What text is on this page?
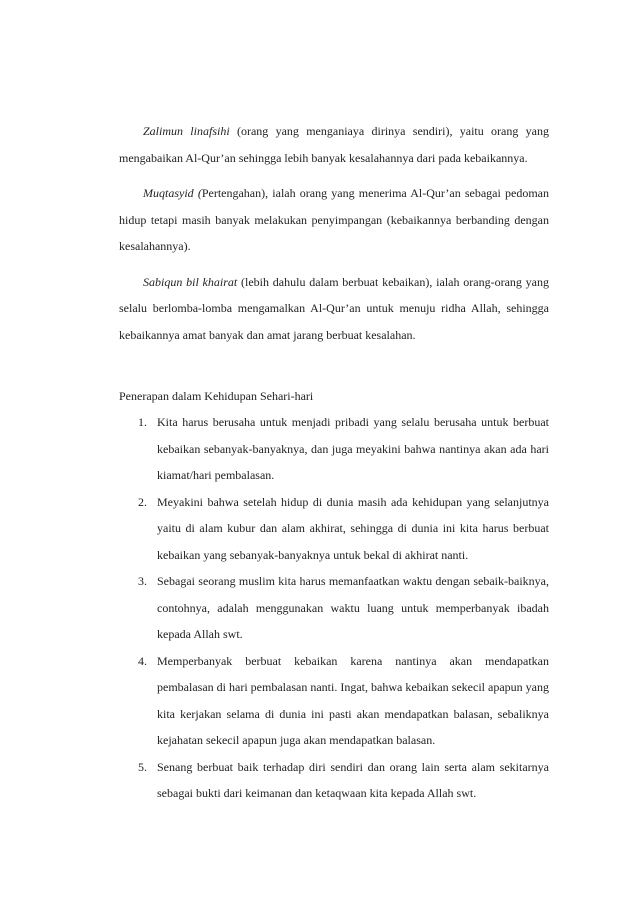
Zalimun linafsihi (orang yang menganiaya dirinya sendiri), yaitu orang yang mengabaikan Al-Qur’an sehingga lebih banyak kesalahannya dari pada kebaikannya.

Muqtasyid (Pertengahan), ialah orang yang menerima Al-Qur’an sebagai pedoman hidup tetapi masih banyak melakukan penyimpangan (kebaikannya berbanding dengan kesalahannya).

Sabiqun bil khairat (lebih dahulu dalam berbuat kebaikan), ialah orang-orang yang selalu berlomba-lomba mengamalkan Al-Qur’an untuk menuju ridha Allah, sehingga kebaikannya amat banyak dan amat jarang berbuat kesalahan.

Penerapan dalam Kehidupan Sehari-hari
1. Kita harus berusaha untuk menjadi pribadi yang selalu berusaha untuk berbuat kebaikan sebanyak-banyaknya, dan juga meyakini bahwa nantinya akan ada hari kiamat/hari pembalasan.
2. Meyakini bahwa setelah hidup di dunia masih ada kehidupan yang selanjutnya yaitu di alam kubur dan alam akhirat, sehingga di dunia ini kita harus berbuat kebaikan yang sebanyak-banyaknya untuk bekal di akhirat nanti.
3. Sebagai seorang muslim kita harus memanfaatkan waktu dengan sebaik-baiknya, contohnya, adalah menggunakan waktu luang untuk memperbanyak ibadah kepada Allah swt.
4. Memperbanyak berbuat kebaikan karena nantinya akan mendapatkan pembalasan di hari pembalasan nanti. Ingat, bahwa kebaikan sekecil apapun yang kita kerjakan selama di dunia ini pasti akan mendapatkan balasan, sebaliknya kejahatan sekecil apapun juga akan mendapatkan balasan.
5. Senang berbuat baik terhadap diri sendiri dan orang lain serta alam sekitarnya sebagai bukti dari keimanan dan ketaqwaan kita kepada Allah swt.
